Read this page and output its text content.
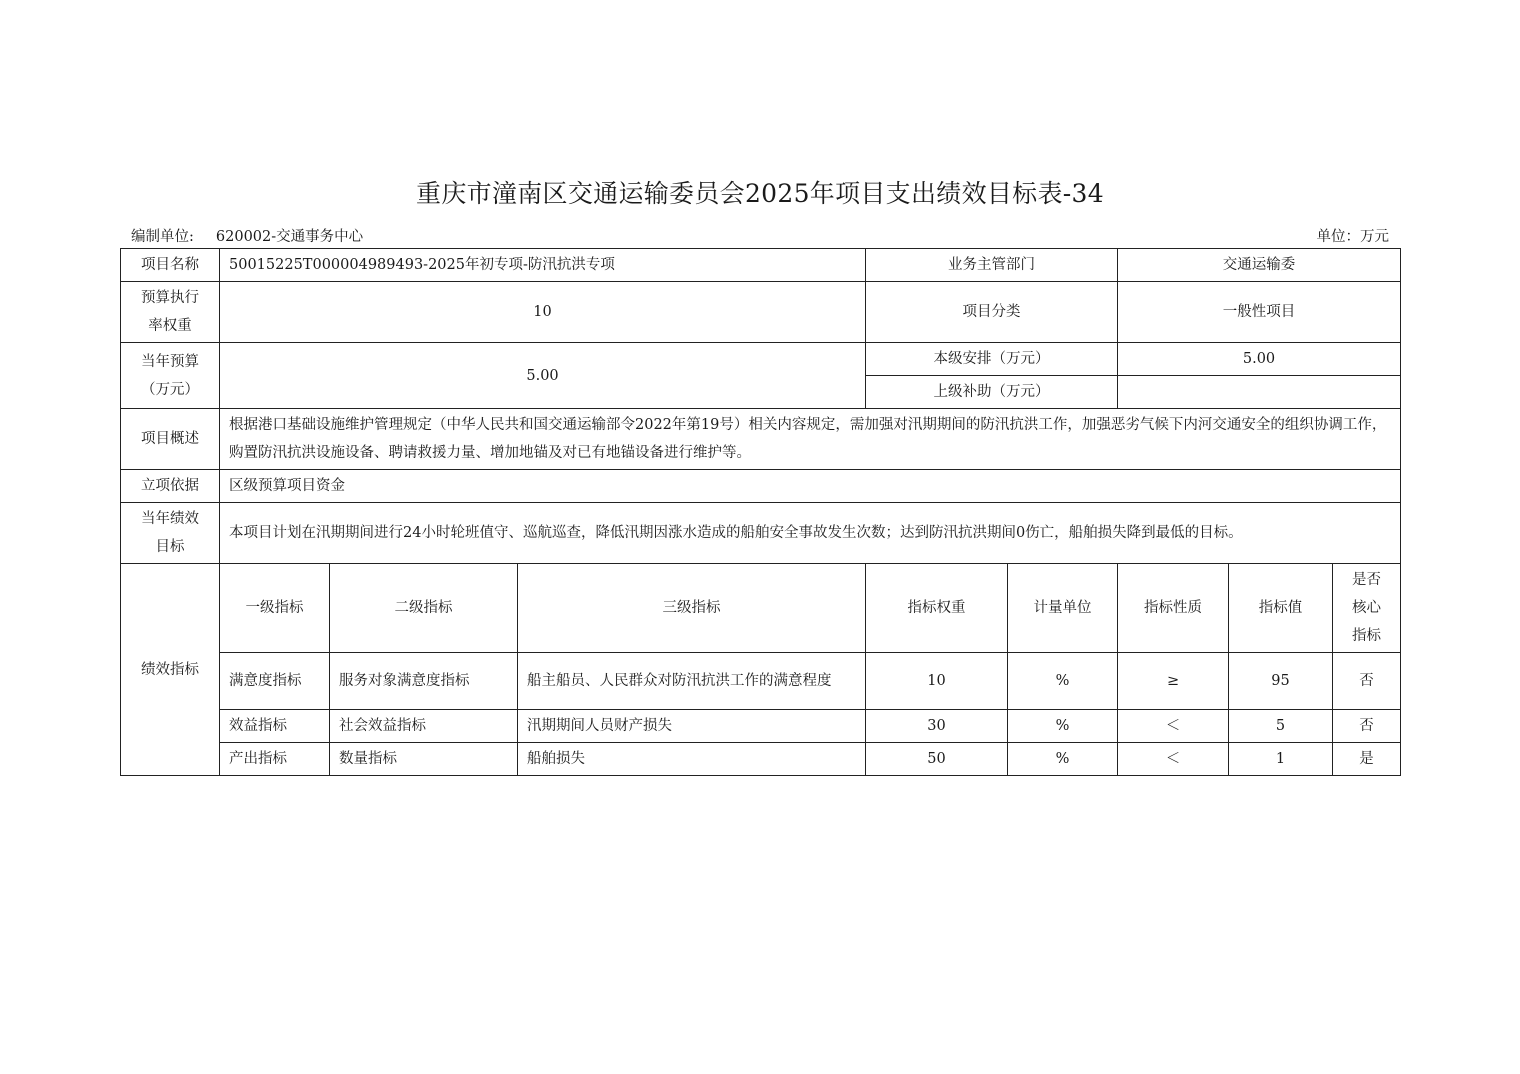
重庆市潼南区交通运输委员会2025年项目支出绩效目标表-34
编制单位: 620002-交通事务中心	单位：万元
项目名称	50015225T000004989493-2025年初专项-防汛抗洪专项			业务主管部门		交通运输委		

预算执行
率权重	10			项目分类		一般性项目		

当年预算
（万元）	5.00			本级安排（万元）		5.00		
				上级补助（万元）				
项目概述	根据港口基础设施维护管理规定（中华人民共和国交通运输部令2022年第19号）相关内容规定，需加强对汛期期间的防汛抗洪工作，加强恶劣气候下内河交通安全的组织协调工作，购置防汛抗洪设施设备、聘请救援力量、增加地锚及对已有地锚设备进行维护等。							
立项依据	区级预算项目资金							

当年绩效
目标	本项目计划在汛期期间进行24小时轮班值守、巡航巡查，降低汛期因涨水造成的船舶安全事故发生次数；达到防汛抗洪期间0伤亡，船舶损失降到最低的目标。							
绩效指标	一级指标	二级指标	三级指标	指标权重	计量单位	指标性质	指标值	是否
核心
指标

	满意度指标	服务对象满意度指标	船主船员、人民群众对防汛抗洪工作的满意程度	10	%	≥	95	否
	效益指标	社会效益指标	汛期期间人员财产损失	30	%	＜	5	否
	产出指标	数量指标	船舶损失	50	%	＜	1	是
